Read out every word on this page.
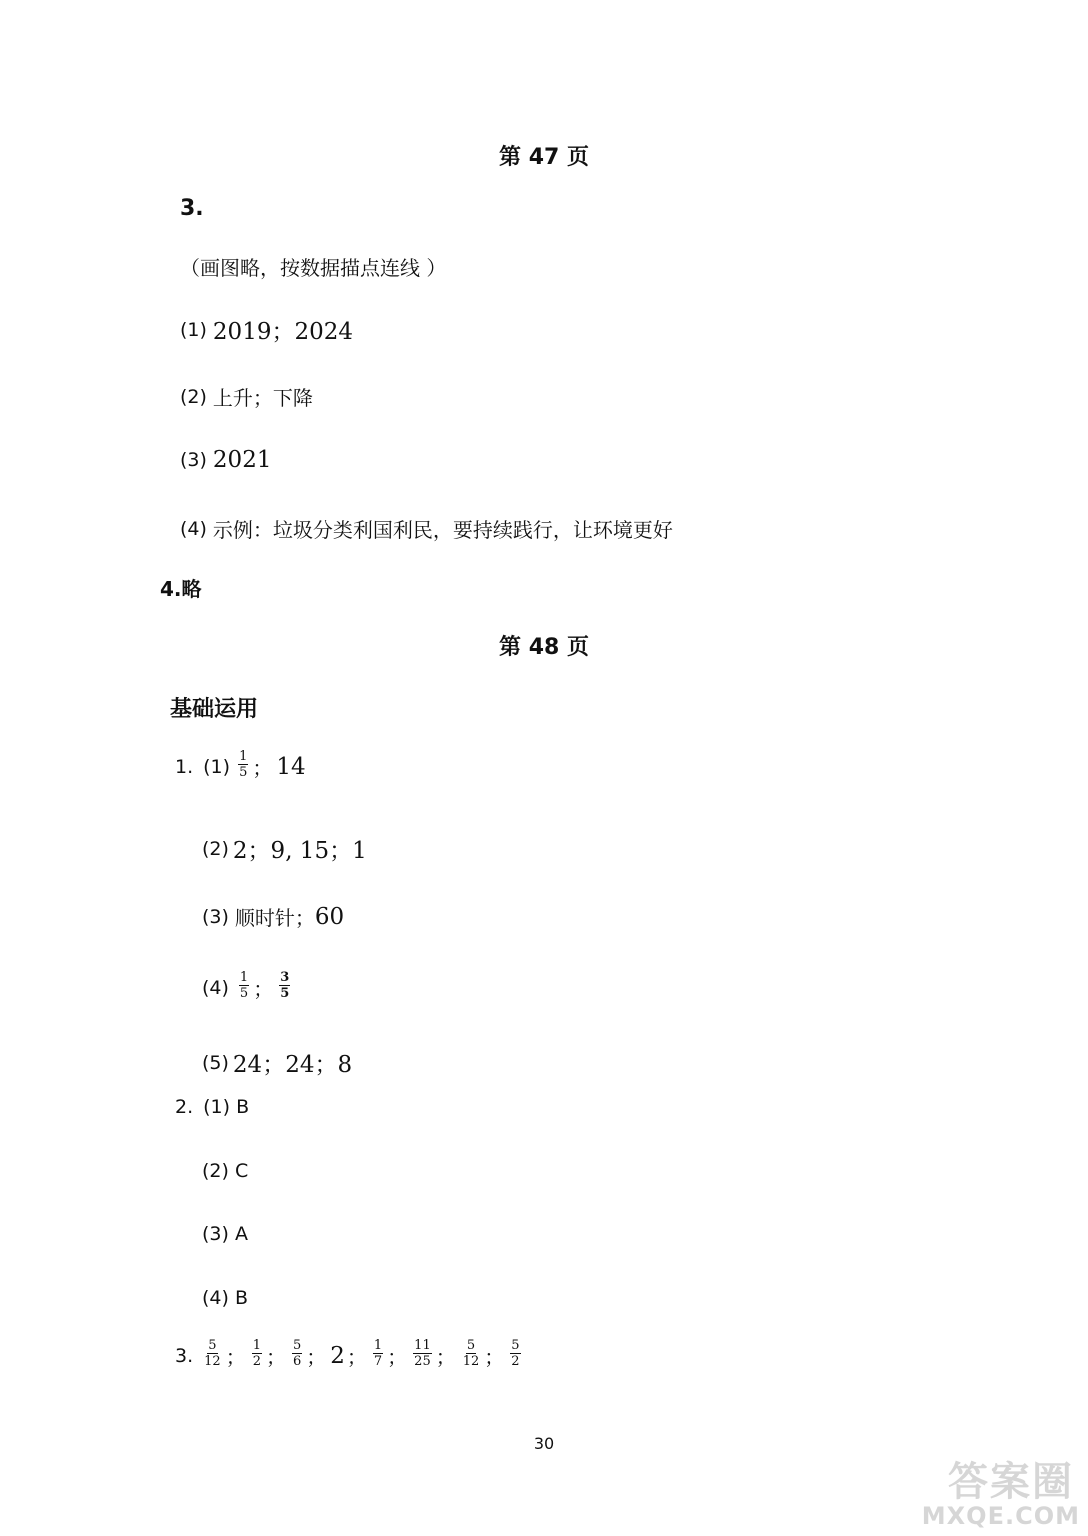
第 47 页
3.
（画图略，按数据描点连线 ）
(1) 2019；2024
(2) 上升；下降
(3) 2021
(4) 示例：垃圾分类利国利民，要持续践行，让环境更好
4.略
第 48 页
基础运用
1. $(1) \frac{1}{5}$ ； 14
(2) 2；9, 15；1
(3) 顺时针； 60
$(4) \frac{1}{5}$ ； $\frac{3}{5}$
(5) 24；24；8
2. (1) B
(2) C
(3) A
(4) B
3. $\frac{5}{12}$ ； $\frac{1}{2}$ ； $\frac{5}{6}$ ； 2 ； $\frac{1}{7}$ ； $\frac{11}{25}$ ； $\frac{5}{12}$ ； $\frac{5}{2}$
30
答案圈
MXQE.COM
